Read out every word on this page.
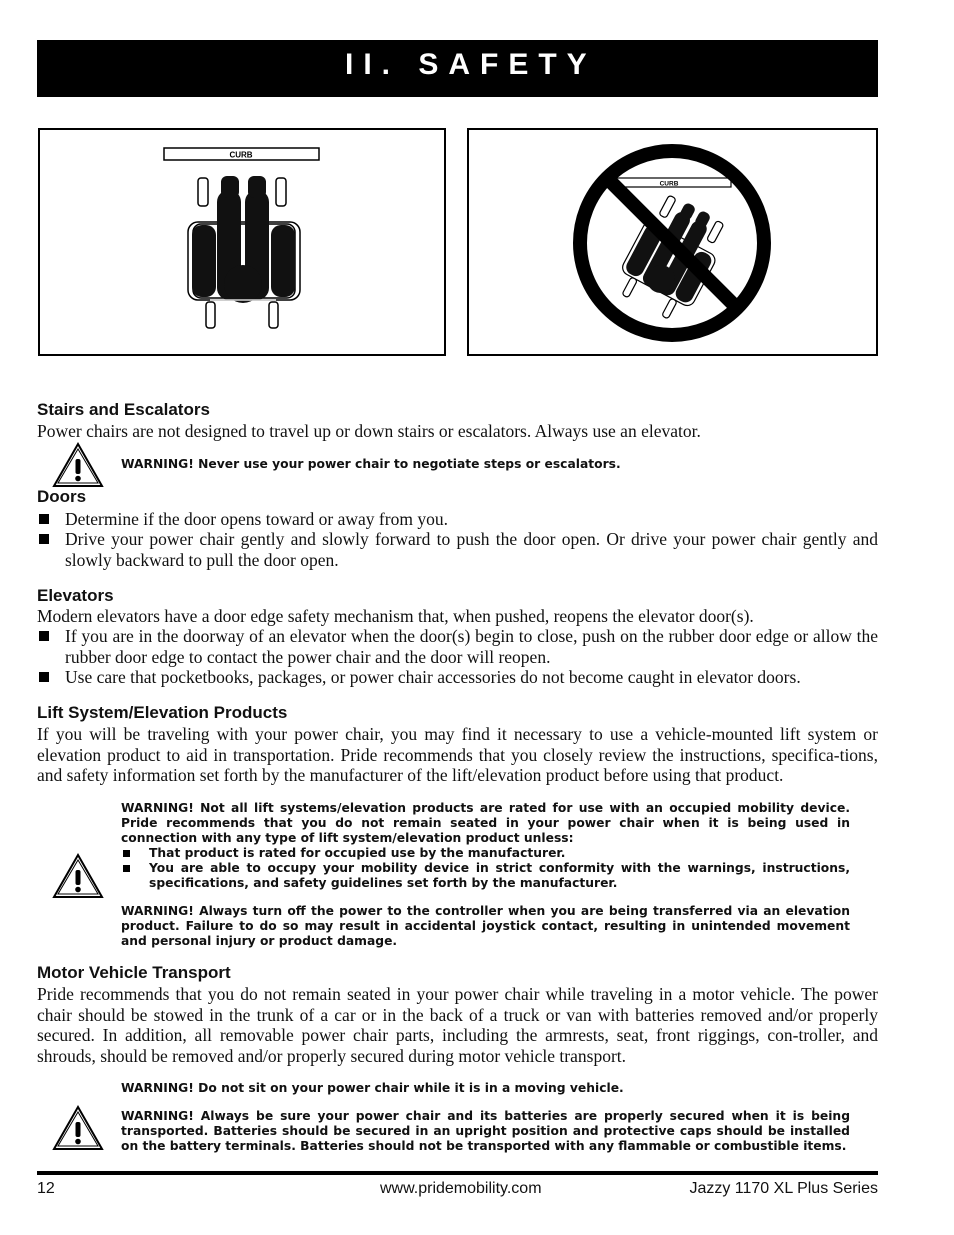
II. SAFETY
CURB
CURB

Stairs and Escalators

Power chairs are not designed to travel up or down stairs or escalators. Always use an elevator.

WARNING! Never use your power chair to negotiate steps or escalators.

Doors

Determine if the door opens toward or away from you.
Drive your power chair gently and slowly forward to push the door open. Or drive your power chair gently and slowly backward to pull the door open.

Elevators

Modern elevators have a door edge safety mechanism that, when pushed, reopens the elevator door(s).

If you are in the doorway of an elevator when the door(s) begin to close, push on the rubber door edge or allow the rubber door edge to contact the power chair and the door will reopen.
Use care that pocketbooks, packages, or power chair accessories do not become caught in elevator doors.

Lift System/Elevation Products

If you will be traveling with your power chair, you may find it necessary to use a vehicle-mounted lift system or elevation product to aid in transportation. Pride recommends that you closely review the instructions, specifica-tions, and safety information set forth by the manufacturer of the lift/elevation product before using that product.

WARNING! Not all lift systems/elevation products are rated for use with an occupied mobility device. Pride recommends that you do not remain seated in your power chair when it is being used in connection with any type of lift system/elevation product unless:
That product is rated for occupied use by the manufacturer.
You are able to occupy your mobility device in strict conformity with the warnings, instructions, specifications, and safety guidelines set forth by the manufacturer.
WARNING! Always turn off the power to the controller when you are being transferred via an elevation product. Failure to do so may result in accidental joystick contact, resulting in unintended movement and personal injury or product damage.

Motor Vehicle Transport

Pride recommends that you do not remain seated in your power chair while traveling in a motor vehicle. The power chair should be stowed in the trunk of a car or in the back of a truck or van with batteries removed and/or properly secured. In addition, all removable power chair parts, including the armrests, seat, front riggings, con-troller, and shrouds, should be removed and/or properly secured during motor vehicle transport.

WARNING! Do not sit on your power chair while it is in a moving vehicle.
WARNING! Always be sure your power chair and its batteries are properly secured when it is being transported. Batteries should be secured in an upright position and protective caps should be installed on the battery terminals. Batteries should not be transported with any flammable or combustible items.
12	www.pridemobility.com	Jazzy 1170 XL Plus Series
